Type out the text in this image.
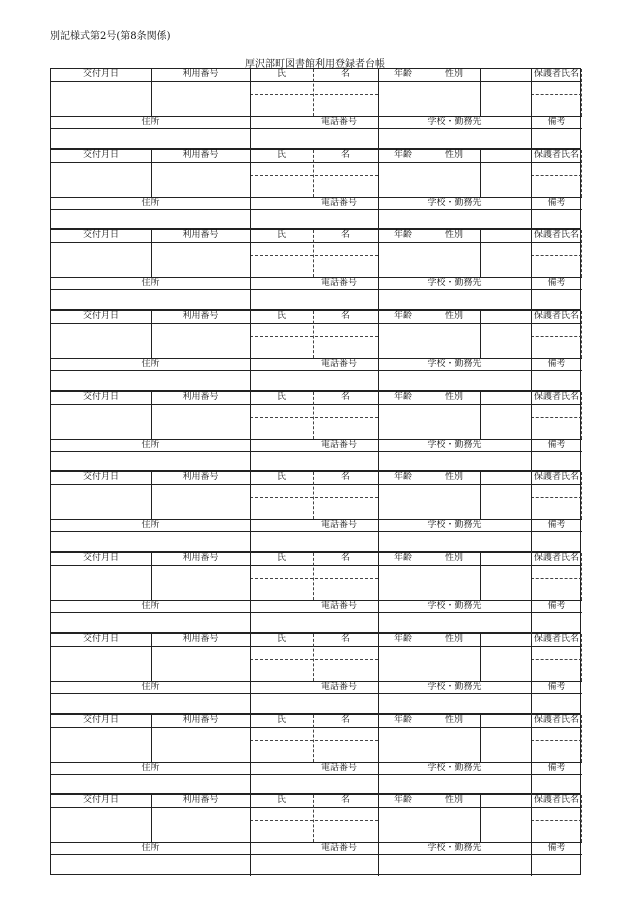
別記様式第2号(第8条関係)
厚沢部町図書館利用登録者台帳
交付月日	利用番号	氏	名	年齢	性別	保護者氏名
住所	電話番号	学校・勤務先	備考
交付月日	利用番号	氏	名	年齢	性別	保護者氏名
住所	電話番号	学校・勤務先	備考
交付月日	利用番号	氏	名	年齢	性別	保護者氏名
住所	電話番号	学校・勤務先	備考
交付月日	利用番号	氏	名	年齢	性別	保護者氏名
住所	電話番号	学校・勤務先	備考
交付月日	利用番号	氏	名	年齢	性別	保護者氏名
住所	電話番号	学校・勤務先	備考
交付月日	利用番号	氏	名	年齢	性別	保護者氏名
住所	電話番号	学校・勤務先	備考
交付月日	利用番号	氏	名	年齢	性別	保護者氏名
住所	電話番号	学校・勤務先	備考
交付月日	利用番号	氏	名	年齢	性別	保護者氏名
住所	電話番号	学校・勤務先	備考
交付月日	利用番号	氏	名	年齢	性別	保護者氏名
住所	電話番号	学校・勤務先	備考
交付月日	利用番号	氏	名	年齢	性別	保護者氏名
住所	電話番号	学校・勤務先	備考
